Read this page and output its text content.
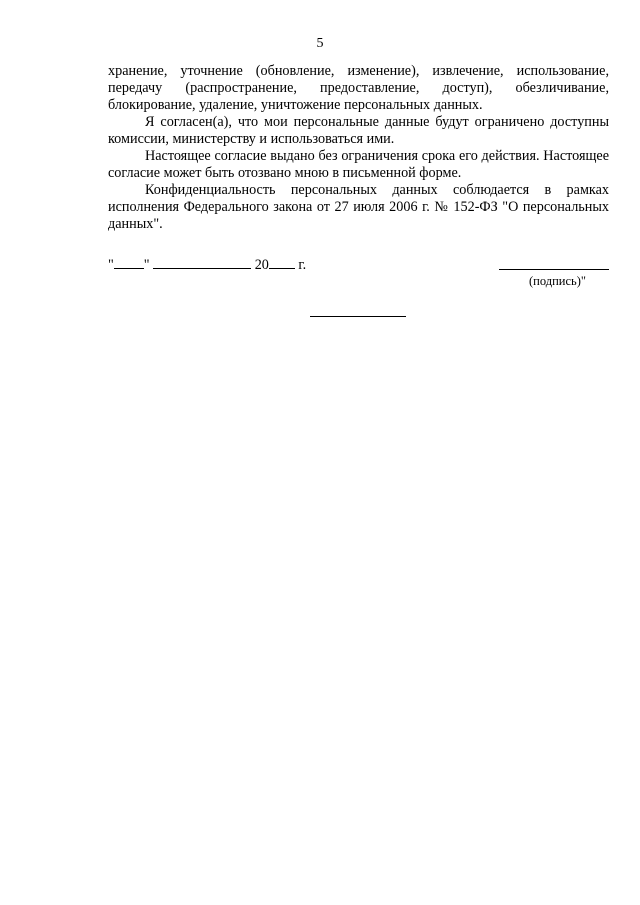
5

хранение, уточнение (обновление, изменение), извлечение, использование, передачу (распространение, предоставление, доступ), обезличивание, блокирование, удаление, уничтожение персональных данных.

Я согласен(а), что мои персональные данные будут ограничено доступны комиссии, министерству и использоваться ими.

Настоящее согласие выдано без ограничения срока его действия. Настоящее согласие может быть отозвано мною в письменной форме.

Конфиденциальность персональных данных соблюдается в рамках исполнения Федерального закона от 27 июля 2006 г. № 152-ФЗ "О персональных данных".

" "	20 г.
(подпись)"
